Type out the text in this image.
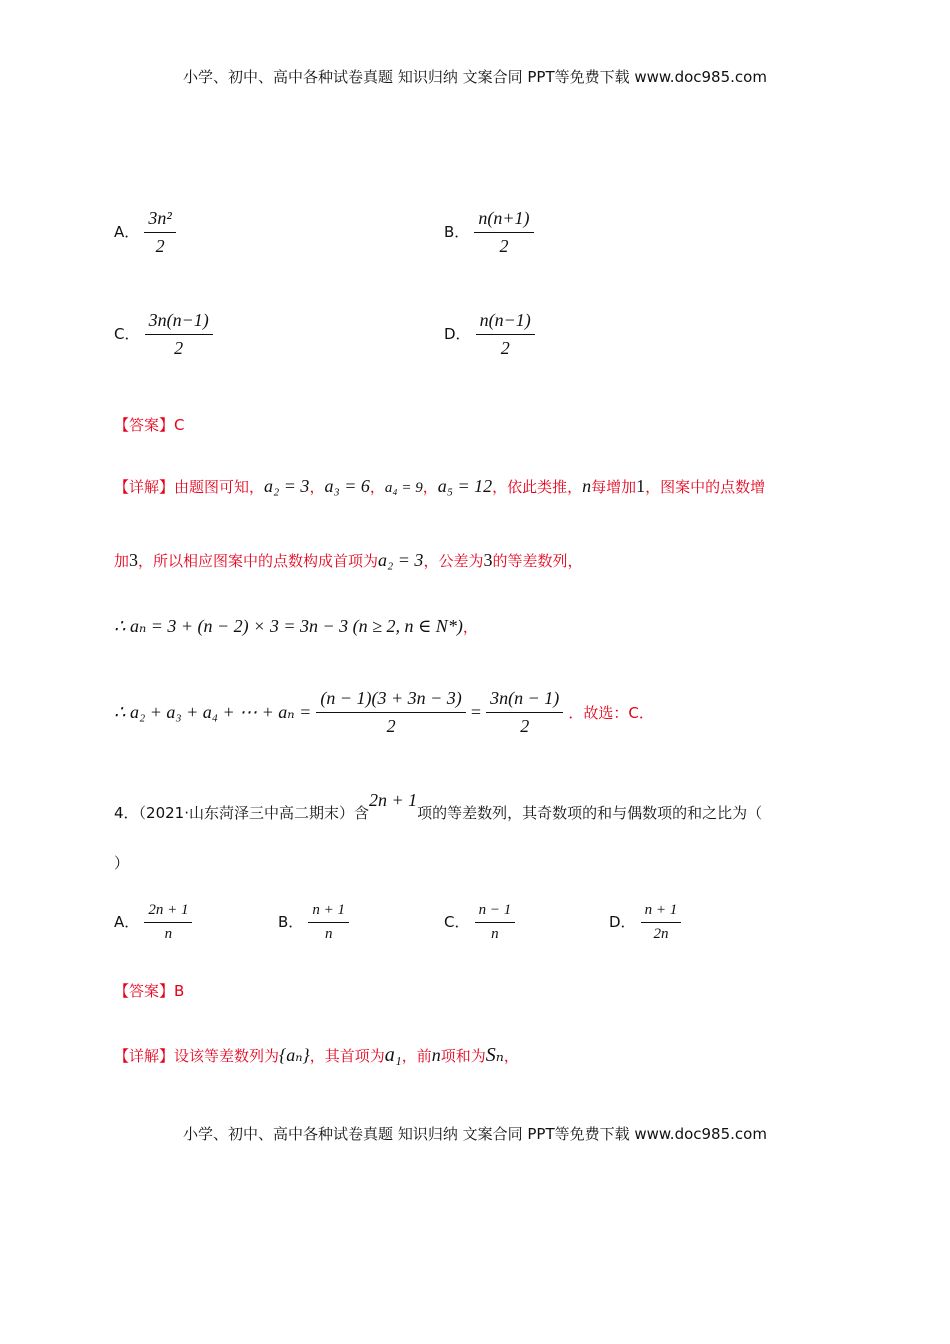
小学、初中、高中各种试卷真题 知识归纳 文案合同 PPT等免费下载 www.doc985.com
A． $\frac{\text{3n²}}{2}$	B． $\frac{n(n+1)}{2}$
C． $\frac{3n(n-1)}{2}$	D． $\frac{n(n-1)}{2}$
【答案】C
【详解】由题图可知，a₂ = 3，a₃ = 6，a₄ = 9，a₅ = 12，依此类推，n每增加1，图案中的点数增
加3，所以相应图案中的点数构成首项为a₂ = 3，公差为3的等差数列，
∴ aₙ = 3 + (n − 2) × 3 = 3n − 3 (n ≥ 2, n ∈ N*)，
∴ a₂ + a₃ + a₄ + ⋯ + $a_n = \frac{(n - 1)(3 + 3n - 3)}{2} = \frac{3n(n - 1)}{2}$ ．故选：C．
4．（2021·山东菏泽三中高二期末）含2n + 1项的等差数列，其奇数项的和与偶数项的和之比为（
）
A． $\frac{2n + 1}{n}$	B． $\frac{n + 1}{n}$	C． $\frac{n - 1}{n}$	D． $\frac{n + 1}{2n}$
【答案】B
【详解】设该等差数列为{aₙ}，其首项为a₁，前n项和为Sₙ，
小学、初中、高中各种试卷真题 知识归纳 文案合同 PPT等免费下载 www.doc985.com
